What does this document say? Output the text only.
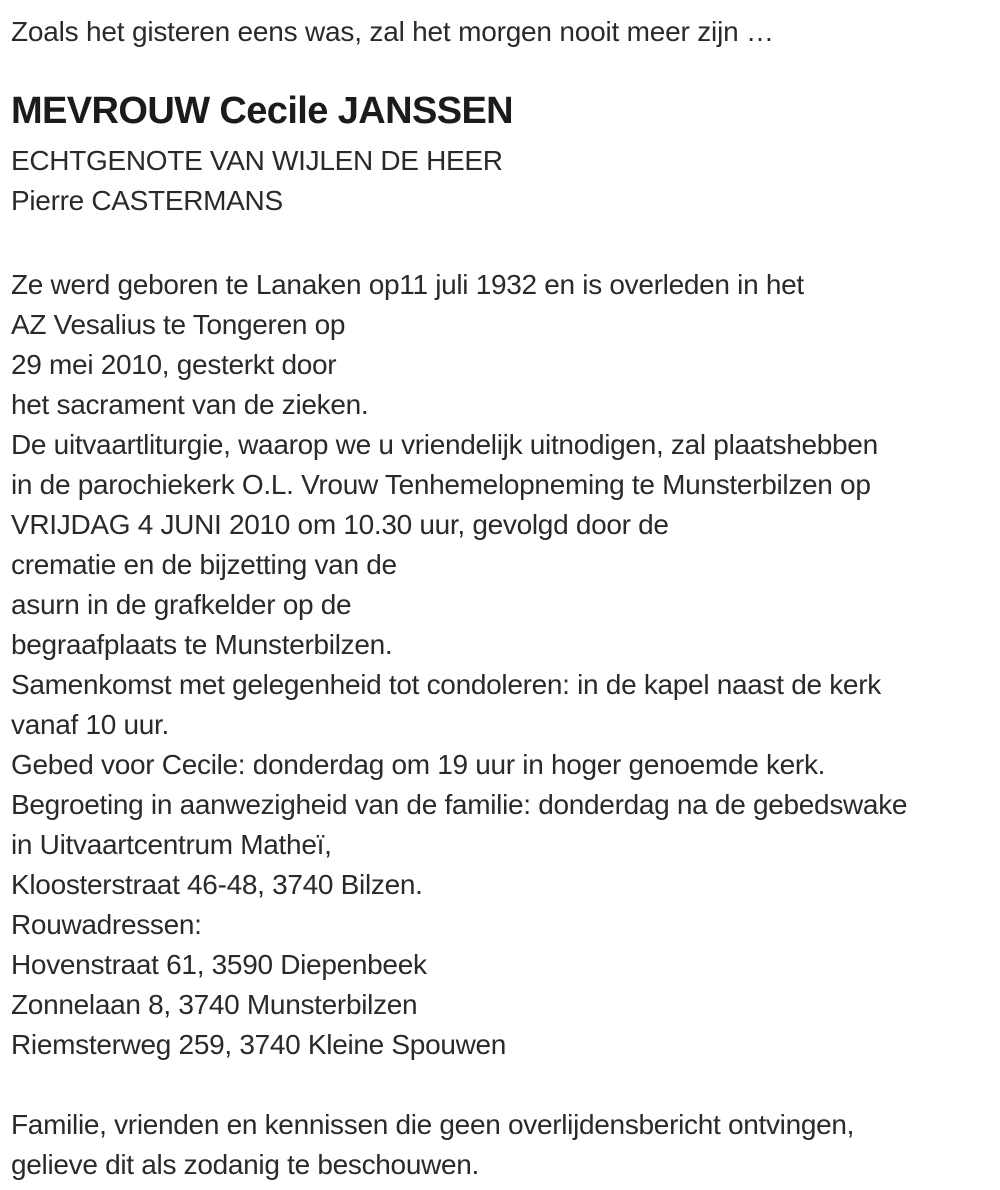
Zoals het gisteren eens was, zal het morgen nooit meer zijn …

MEVROUW Cecile JANSSEN

ECHTGENOTE VAN WIJLEN DE HEER

Pierre CASTERMANS

Ze werd geboren te Lanaken op11 juli 1932 en is overleden in het

AZ Vesalius te Tongeren op

29 mei 2010, gesterkt door

het sacrament van de zieken.

De uitvaartliturgie, waarop we u vriendelijk uitnodigen, zal plaatshebben

in de parochiekerk O.L. Vrouw Tenhemelopneming te Munsterbilzen op

VRIJDAG 4 JUNI 2010 om 10.30 uur, gevolgd door de

crematie en de bijzetting van de

asurn in de grafkelder op de

begraafplaats te Munsterbilzen.

Samenkomst met gelegenheid tot condoleren: in de kapel naast de kerk

vanaf 10 uur.

Gebed voor Cecile: donderdag om 19 uur in hoger genoemde kerk.

Begroeting in aanwezigheid van de familie: donderdag na de gebedswake

in Uitvaartcentrum Matheï,

Kloosterstraat 46-48, 3740 Bilzen.

Rouwadressen:

Hovenstraat 61, 3590 Diepenbeek

Zonnelaan 8, 3740 Munsterbilzen

Riemsterweg 259, 3740 Kleine Spouwen

Familie, vrienden en kennissen die geen overlijdensbericht ontvingen,

gelieve dit als zodanig te beschouwen.
